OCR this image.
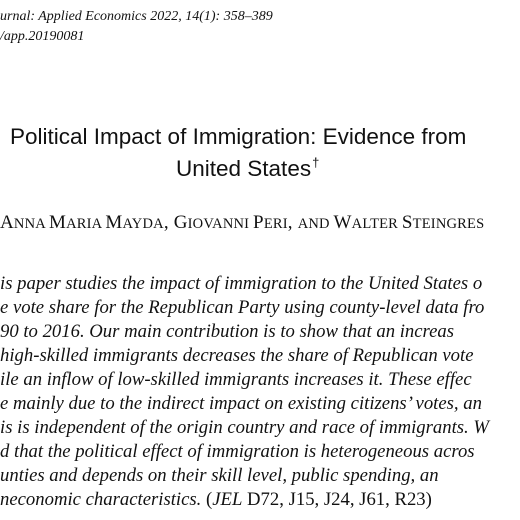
urnal: Applied Economics 2022, 14(1): 358–389
/app.20190081
Political Impact of Immigration: Evidence from
United States†
ANNA MARIA MAYDA, GIOVANNI PERI, AND WALTER STEINGRES
is paper studies the impact of immigration to the United States o
e vote share for the Republican Party using county-level data fro
90 to 2016. Our main contribution is to show that an increas
high-skilled immigrants decreases the share of Republican vote
ile an inflow of low-skilled immigrants increases it. These effec
e mainly due to the indirect impact on existing citizens’ votes, an
is is independent of the origin country and race of immigrants. W
d that the political effect of immigration is heterogeneous acros
unties and depends on their skill level, public spending, an
neconomic characteristics. (JEL D72, J15, J24, J61, R23)
